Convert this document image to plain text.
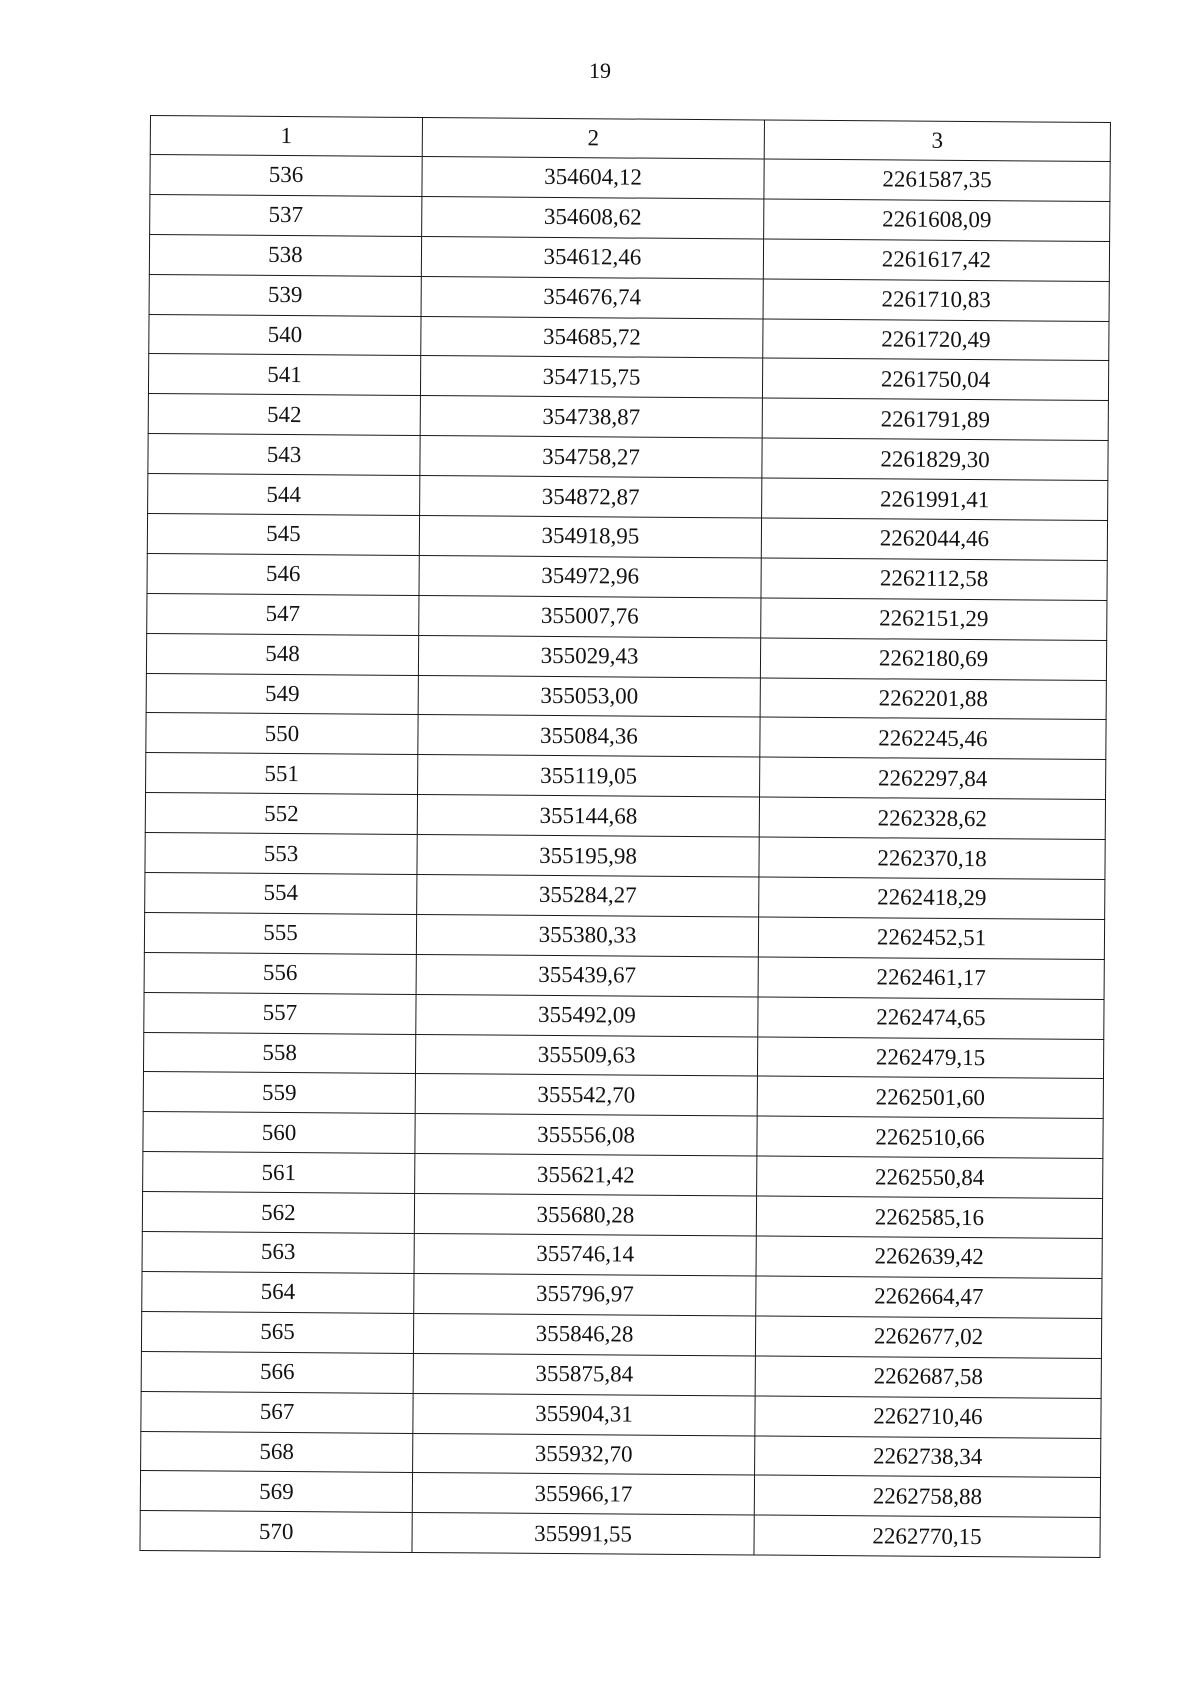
19
1	2	3
536	354604,12	2261587,35
537	354608,62	2261608,09
538	354612,46	2261617,42
539	354676,74	2261710,83
540	354685,72	2261720,49
541	354715,75	2261750,04
542	354738,87	2261791,89
543	354758,27	2261829,30
544	354872,87	2261991,41
545	354918,95	2262044,46
546	354972,96	2262112,58
547	355007,76	2262151,29
548	355029,43	2262180,69
549	355053,00	2262201,88
550	355084,36	2262245,46
551	355119,05	2262297,84
552	355144,68	2262328,62
553	355195,98	2262370,18
554	355284,27	2262418,29
555	355380,33	2262452,51
556	355439,67	2262461,17
557	355492,09	2262474,65
558	355509,63	2262479,15
559	355542,70	2262501,60
560	355556,08	2262510,66
561	355621,42	2262550,84
562	355680,28	2262585,16
563	355746,14	2262639,42
564	355796,97	2262664,47
565	355846,28	2262677,02
566	355875,84	2262687,58
567	355904,31	2262710,46
568	355932,70	2262738,34
569	355966,17	2262758,88
570	355991,55	2262770,15
